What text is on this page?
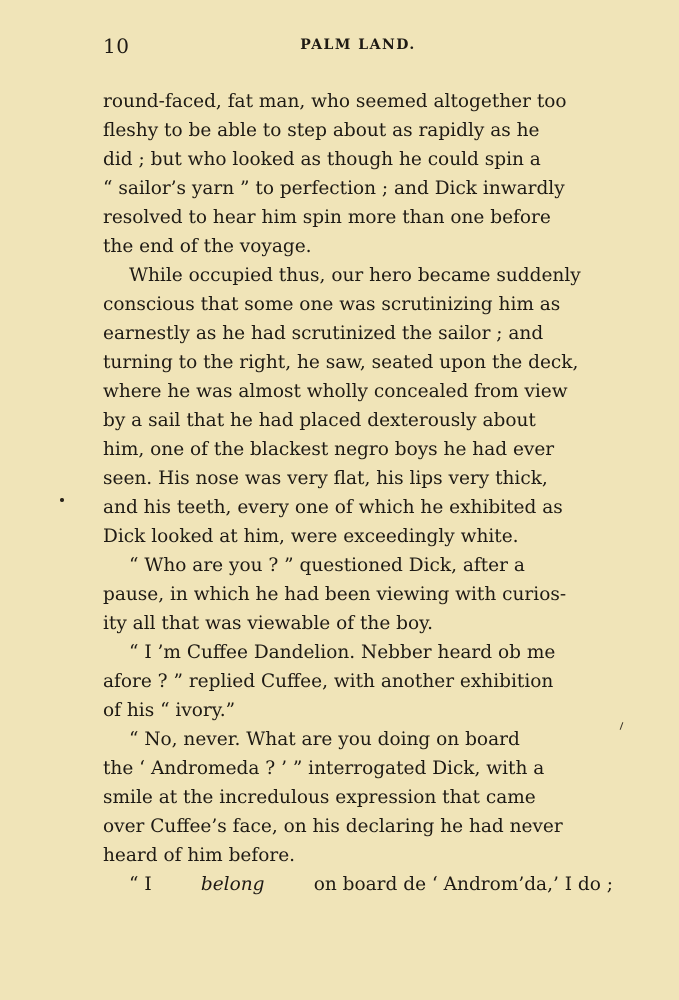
10	PALM LAND.
round-faced, fat man, who seemed altogether too
fleshy to be able to step about as rapidly as he
did ; but who looked as though he could spin a
“ sailor’s yarn ” to perfection ; and Dick inwardly
resolved to hear him spin more than one before
the end of the voyage.
While occupied thus, our hero became suddenly
conscious that some one was scrutinizing him as
earnestly as he had scrutinized the sailor ; and
turning to the right, he saw, seated upon the deck,
where he was almost wholly concealed from view
by a sail that he had placed dexterously about
him, one of the blackest negro boys he had ever
seen. His nose was very flat, his lips very thick,
and his teeth, every one of which he exhibited as
Dick looked at him, were exceedingly white.
“ Who are you ? ” questioned Dick, after a
pause, in which he had been viewing with curios-
ity all that was viewable of the boy.
“ I ’m Cuffee Dandelion. Nebber heard ob me
afore ? ” replied Cuffee, with another exhibition
of his “ ivory.”
“ No, never. What are you doing on board
the ‘ Andromeda ? ’ ” interrogated Dick, with a
smile at the incredulous expression that came
over Cuffee’s face, on his declaring he had never
heard of him before.
“ I	belong	on board de ‘ Androm’da,’ I do ;
